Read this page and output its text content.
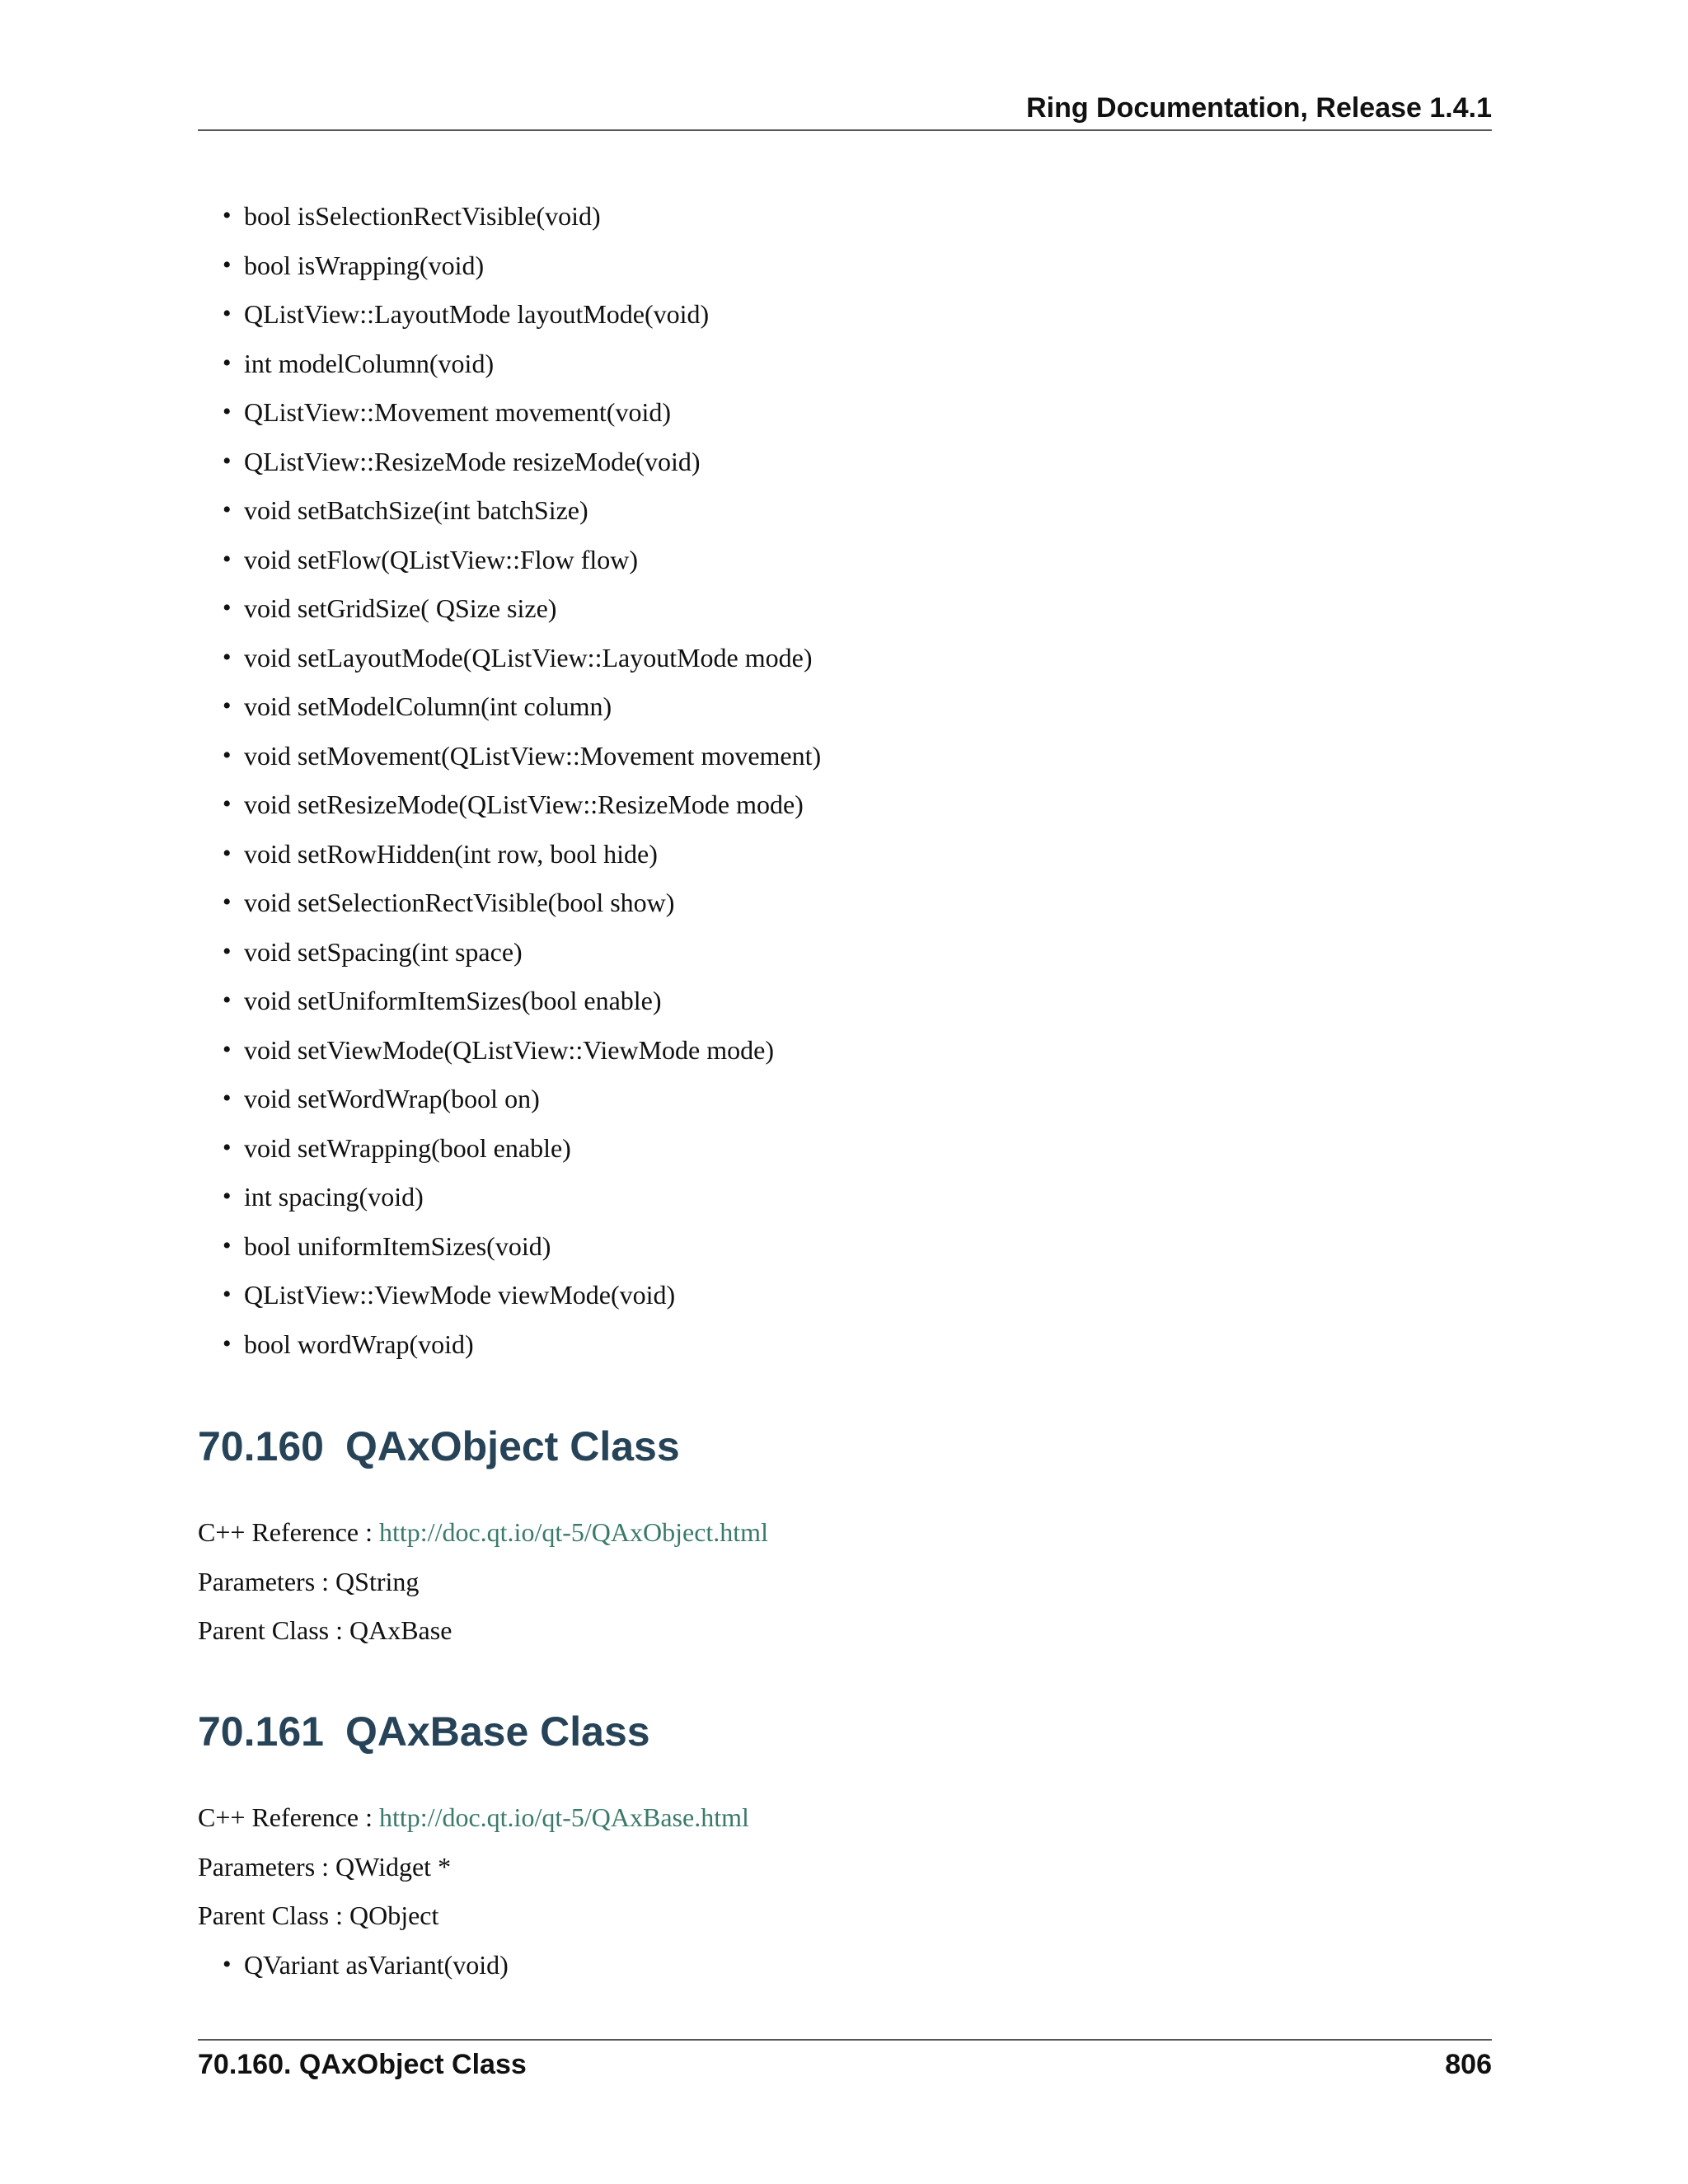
Ring Documentation, Release 1.4.1
• bool isSelectionRectVisible(void)
• bool isWrapping(void)
• QListView::LayoutMode layoutMode(void)
• int modelColumn(void)
• QListView::Movement movement(void)
• QListView::ResizeMode resizeMode(void)
• void setBatchSize(int batchSize)
• void setFlow(QListView::Flow flow)
• void setGridSize( QSize size)
• void setLayoutMode(QListView::LayoutMode mode)
• void setModelColumn(int column)
• void setMovement(QListView::Movement movement)
• void setResizeMode(QListView::ResizeMode mode)
• void setRowHidden(int row, bool hide)
• void setSelectionRectVisible(bool show)
• void setSpacing(int space)
• void setUniformItemSizes(bool enable)
• void setViewMode(QListView::ViewMode mode)
• void setWordWrap(bool on)
• void setWrapping(bool enable)
• int spacing(void)
• bool uniformItemSizes(void)
• QListView::ViewMode viewMode(void)
• bool wordWrap(void)
70.160 QAxObject Class
C++ Reference : http://doc.qt.io/qt-5/QAxObject.html
Parameters : QString
Parent Class : QAxBase
70.161 QAxBase Class
C++ Reference : http://doc.qt.io/qt-5/QAxBase.html
Parameters : QWidget *
Parent Class : QObject
• QVariant asVariant(void)
70.160. QAxObject Class	806
